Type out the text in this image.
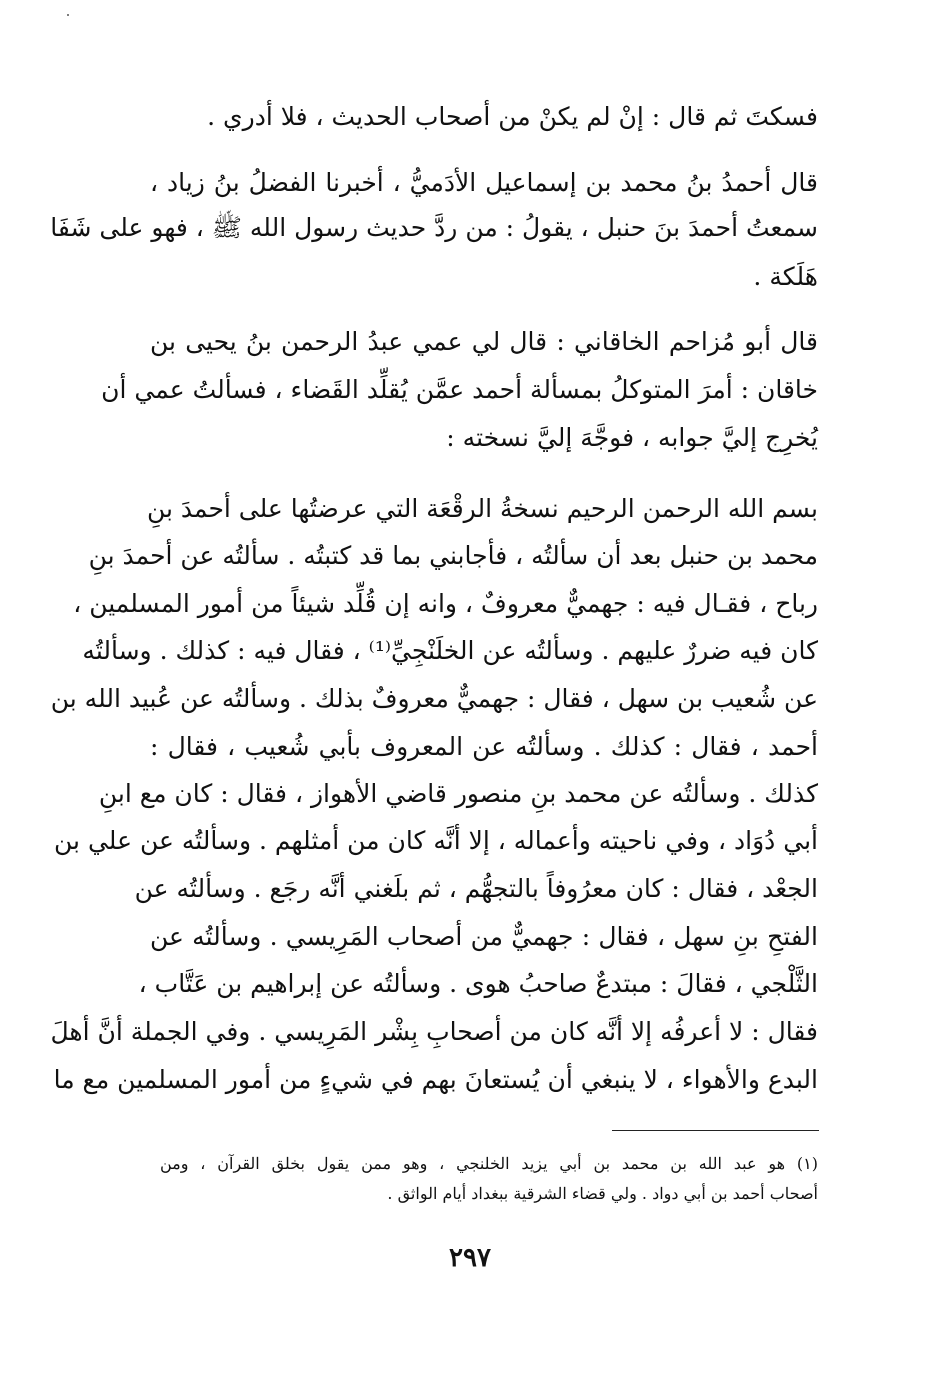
فسكتَ ثم قال : إنْ لم يكنْ من أصحاب الحديث ، فلا أدري .
قال أحمدُ بنُ محمد بن إسماعيل الأدَميُّ ، أخبرنا الفضلُ بنُ زياد ،
سمعتُ أحمدَ بنَ حنبل ، يقولُ : من ردَّ حديث رسول الله ﷺ ، فهو على شَفَا
هَلَكة .
قال أبو مُزاحم الخاقاني : قال لي عمي عبدُ الرحمن بنُ يحيى بن
خاقان : أمرَ المتوكلُ بمسألة أحمد عمَّن يُقلِّد القَضاء ، فسألتُ عمي أن
يُخرِج إليَّ جوابه ، فوجَّهَ إليَّ نسخته :
بسم الله الرحمن الرحيم نسخةُ الرقْعَة التي عرضتُها على أحمدَ بنِ
محمد بن حنبل بعد أن سألتُه ، فأجابني بما قد كتبتُه . سألتُه عن أحمدَ بنِ
رباح ، فقـال فيه : جهميٌّ معروفٌ ، وانه إن قُلِّد شيئاً من أمور المسلمين ،
كان فيه ضررٌ عليهم . وسألتُه عن الخلَنْجِيِّ⁽¹⁾ ، فقال فيه : كذلك . وسألتُه
عن شُعيب بن سهل ، فقال : جهميٌّ معروفٌ بذلك . وسألتُه عن عُبيد الله بن
أحمد ، فقال : كذلك . وسألتُه عن المعروف بأبي شُعيب ، فقال :
كذلك . وسألتُه عن محمد بنِ منصور قاضي الأهواز ، فقال : كان مع ابنِ
أبي دُوَاد ، وفي ناحيته وأعماله ، إلا أنَّه كان من أمثلهم . وسألتُه عن علي بن
الجعْد ، فقال : كان معرُوفاً بالتجهُّم ، ثم بلَغني أنَّه رجَع . وسألتُه عن
الفتحِ بنِ سهل ، فقال : جهميٌّ من أصحاب المَرِيسي . وسألتُه عن
الثَّلْجي ، فقالَ : مبتدعٌ صاحبُ هوى . وسألتُه عن إبراهيم بن عَتَّاب ،
فقال : لا أعرفُه إلا أنَّه كان من أصحابِ بِشْر المَرِيسي . وفي الجملة أنَّ أهلَ
البدع والأهواء ، لا ينبغي أن يُستعانَ بهم في شيءٍ من أمور المسلمين مع ما
(١) هو عبد الله بن محمد بن أبي يزيد الخلنجي ، وهو ممن يقول بخلق القرآن ، ومن
أصحاب أحمد بن أبي دواد . ولي قضاء الشرقية ببغداد أيام الواثق .
٢٩٧
